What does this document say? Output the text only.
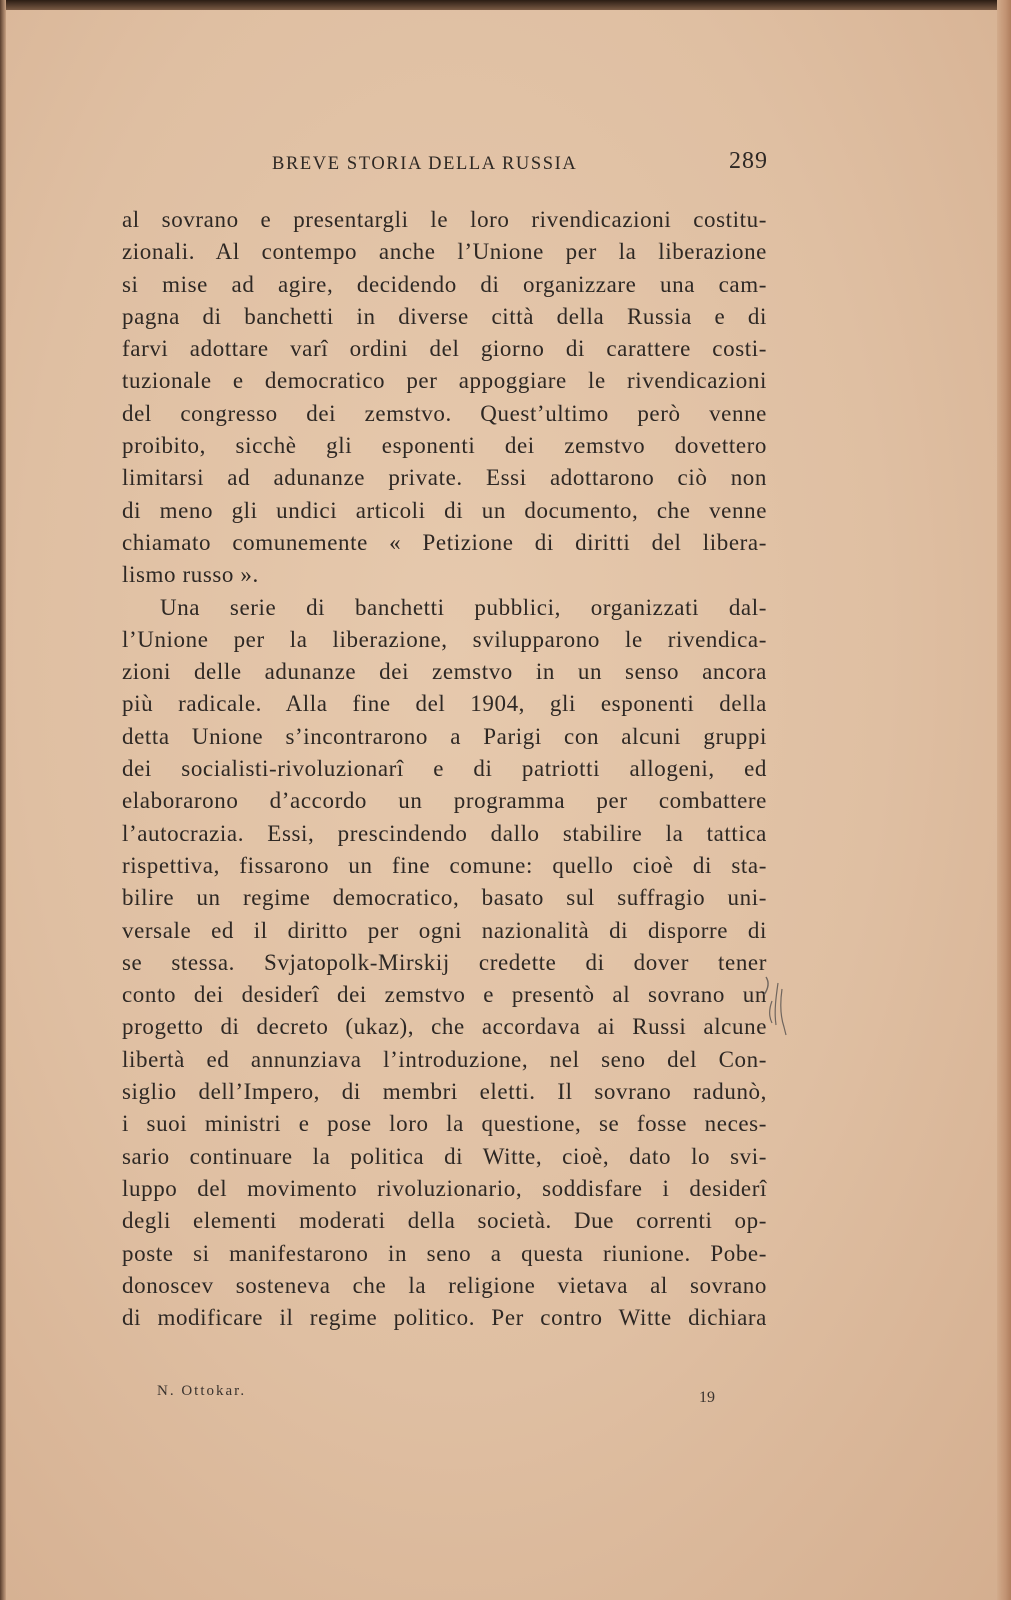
BREVE STORIA DELLA RUSSIA	289
al sovrano e presentargli le loro rivendicazioni costitu-
zionali. Al contempo anche l’Unione per la liberazione
si mise ad agire, decidendo di organizzare una cam-
pagna di banchetti in diverse città della Russia e di
farvi adottare varî ordini del giorno di carattere costi-
tuzionale e democratico per appoggiare le rivendicazioni
del congresso dei zemstvo. Quest’ultimo però venne
proibito, sicchè gli esponenti dei zemstvo dovettero
limitarsi ad adunanze private. Essi adottarono ciò non
di meno gli undici articoli di un documento, che venne
chiamato comunemente « Petizione di diritti del libera-
lismo russo ».
Una serie di banchetti pubblici, organizzati dal-
l’Unione per la liberazione, svilupparono le rivendica-
zioni delle adunanze dei zemstvo in un senso ancora
più radicale. Alla fine del 1904, gli esponenti della
detta Unione s’incontrarono a Parigi con alcuni gruppi
dei socialisti-rivoluzionarî e di patriotti allogeni, ed
elaborarono d’accordo un programma per combattere
l’autocrazia. Essi, prescindendo dallo stabilire la tattica
rispettiva, fissarono un fine comune: quello cioè di sta-
bilire un regime democratico, basato sul suffragio uni-
versale ed il diritto per ogni nazionalità di disporre di
se stessa. Svjatopolk-Mirskij credette di dover tener
conto dei desiderî dei zemstvo e presentò al sovrano un
progetto di decreto (ukaz), che accordava ai Russi alcune
libertà ed annunziava l’introduzione, nel seno del Con-
siglio dell’Impero, di membri eletti. Il sovrano radunò,
i suoi ministri e pose loro la questione, se fosse neces-
sario continuare la politica di Witte, cioè, dato lo svi-
luppo del movimento rivoluzionario, soddisfare i desiderî
degli elementi moderati della società. Due correnti op-
poste si manifestarono in seno a questa riunione. Pobe-
donoscev sosteneva che la religione vietava al sovrano
di modificare il regime politico. Per contro Witte dichiara
N. Ottokar.	19
